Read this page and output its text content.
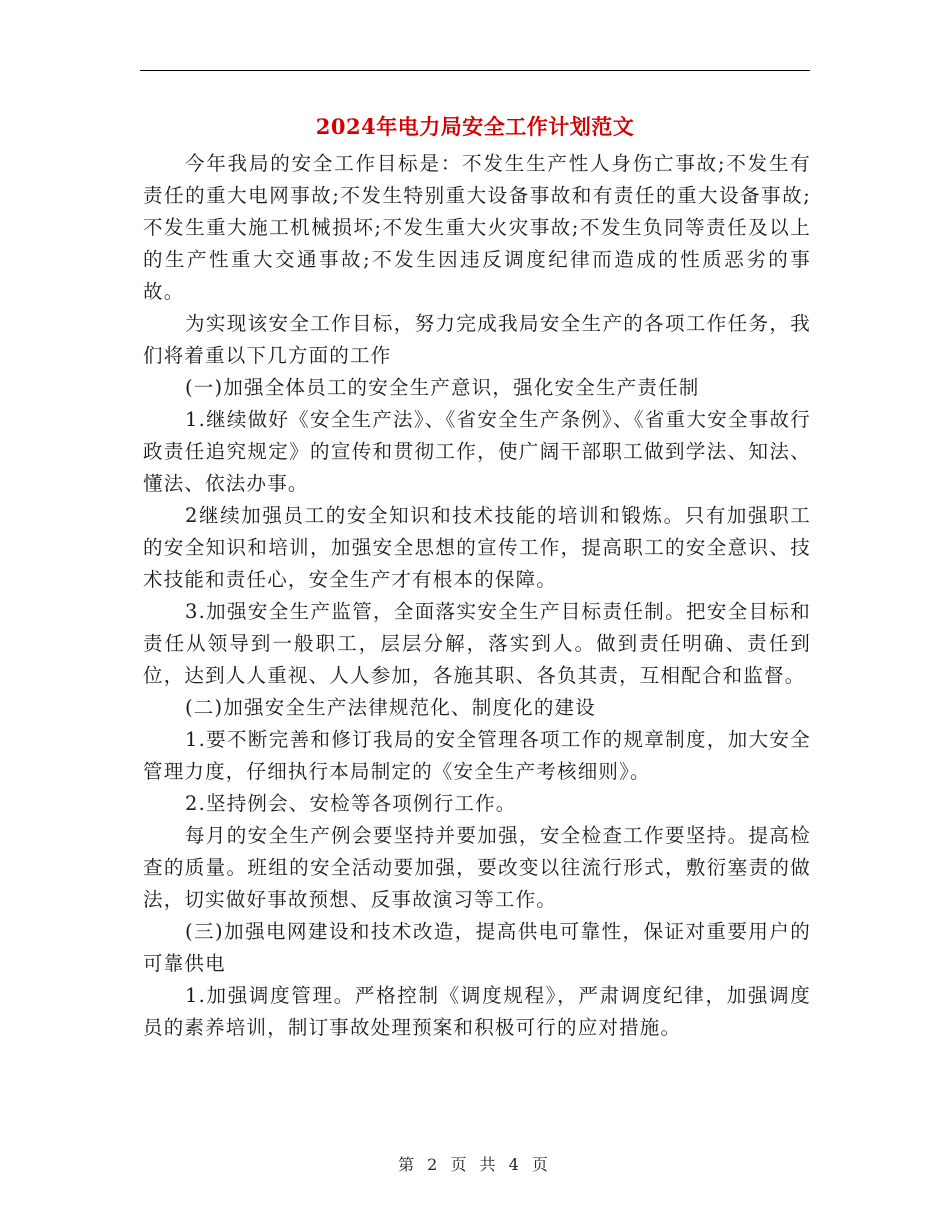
2024年电力局安全工作计划范文

今年我局的安全工作目标是：不发生生产性人身伤亡事故;不发生有责任的重大电网事故;不发生特别重大设备事故和有责任的重大设备事故;不发生重大施工机械损坏;不发生重大火灾事故;不发生负同等责任及以上的生产性重大交通事故;不发生因违反调度纪律而造成的性质恶劣的事故。

为实现该安全工作目标，努力完成我局安全生产的各项工作任务，我们将着重以下几方面的工作

(一)加强全体员工的安全生产意识，强化安全生产责任制

1.继续做好《安全生产法》、《省安全生产条例》、《省重大安全事故行政责任追究规定》的宣传和贯彻工作，使广阔干部职工做到学法、知法、懂法、依法办事。

2继续加强员工的安全知识和技术技能的培训和锻炼。只有加强职工的安全知识和培训，加强安全思想的宣传工作，提高职工的安全意识、技术技能和责任心，安全生产才有根本的保障。

3.加强安全生产监管，全面落实安全生产目标责任制。把安全目标和责任从领导到一般职工，层层分解，落实到人。做到责任明确、责任到位，达到人人重视、人人参加，各施其职、各负其责，互相配合和监督。

(二)加强安全生产法律规范化、制度化的建设

1.要不断完善和修订我局的安全管理各项工作的规章制度，加大安全管理力度，仔细执行本局制定的《安全生产考核细则》。

2.坚持例会、安检等各项例行工作。

每月的安全生产例会要坚持并要加强，安全检查工作要坚持。提高检查的质量。班组的安全活动要加强，要改变以往流行形式，敷衍塞责的做法，切实做好事故预想、反事故演习等工作。

(三)加强电网建设和技术改造，提高供电可靠性，保证对重要用户的可靠供电

1.加强调度管理。严格控制《调度规程》，严肃调度纪律，加强调度员的素养培训，制订事故处理预案和积极可行的应对措施。

第 2 页 共 4 页
